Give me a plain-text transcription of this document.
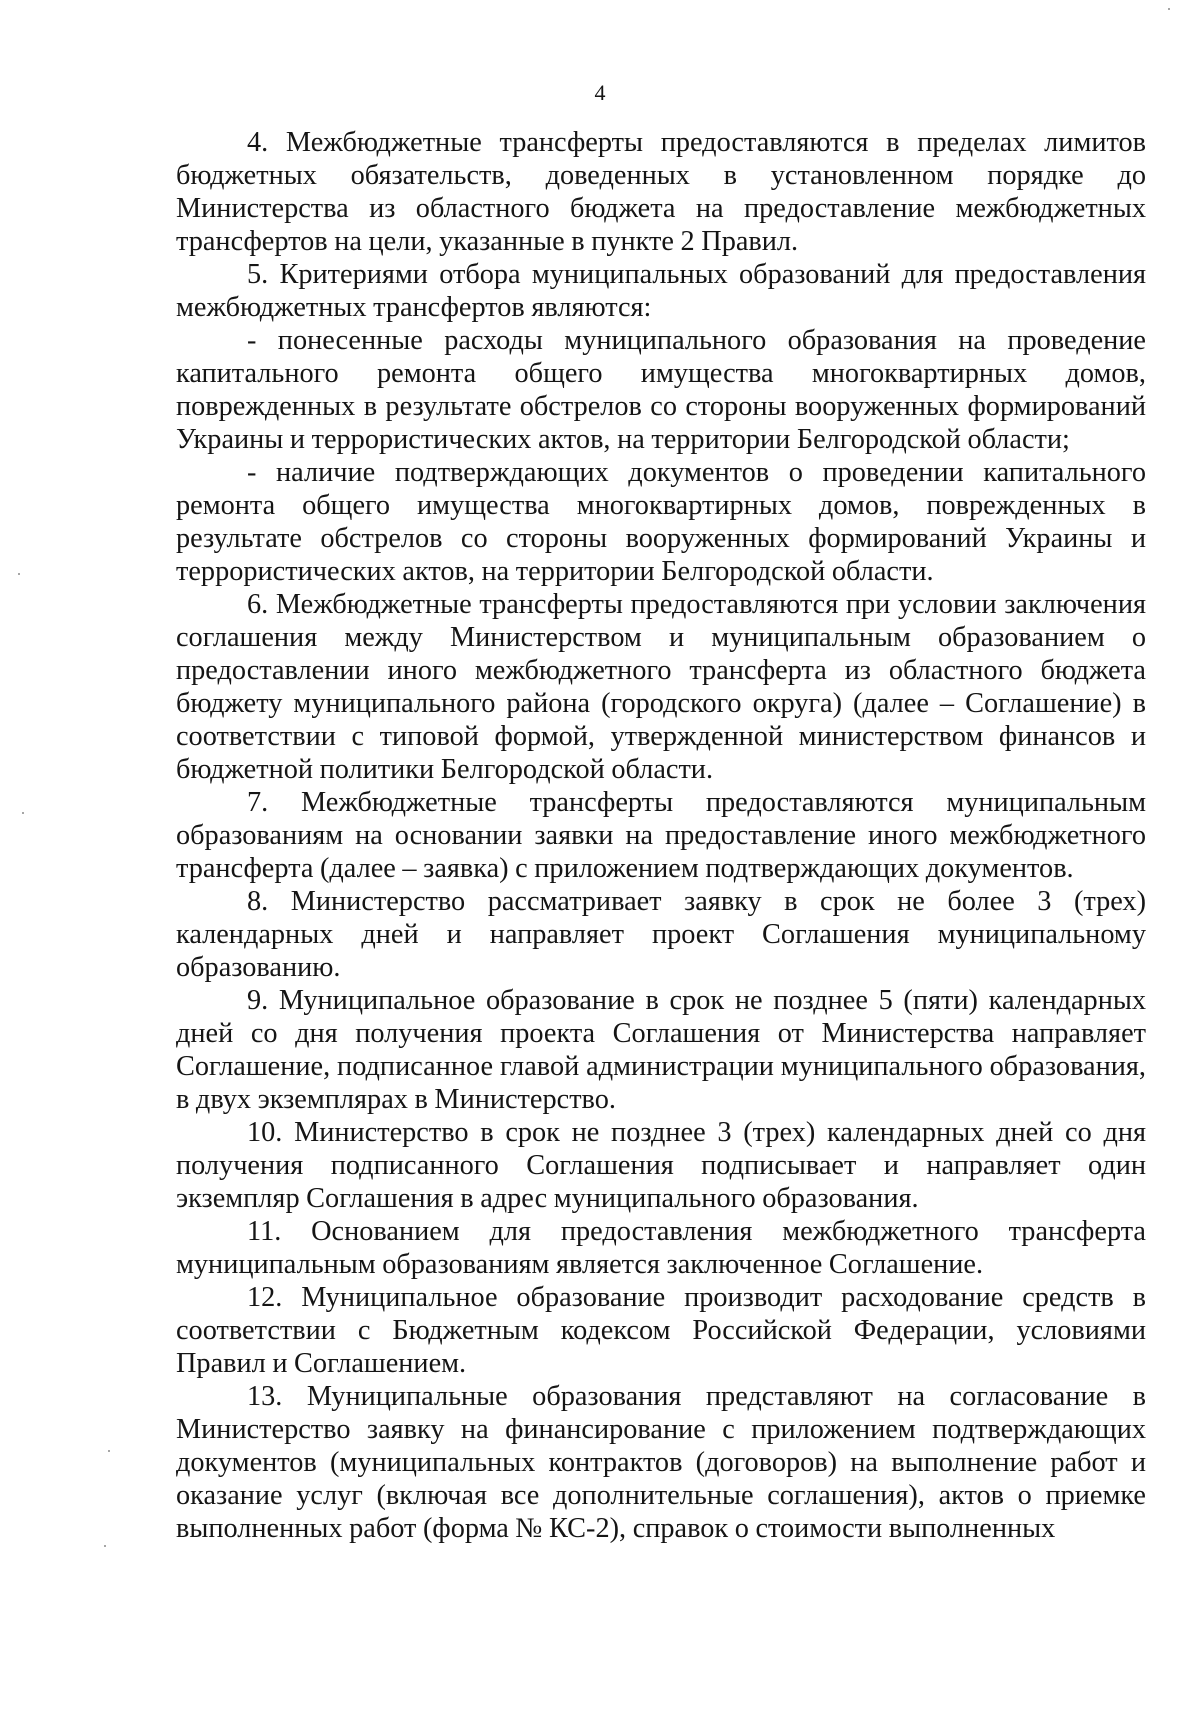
4

4. Межбюджетные трансферты предоставляются в пределах лимитов бюджетных обязательств, доведенных в установленном порядке до Министерства из областного бюджета на предоставление межбюджетных трансфертов на цели, указанные в пункте 2 Правил.

5. Критериями отбора муниципальных образований для предоставления межбюджетных трансфертов являются:

- понесенные расходы муниципального образования на проведение капитального ремонта общего имущества многоквартирных домов, поврежденных в результате обстрелов со стороны вооруженных формирований Украины и террористических актов, на территории Белгородской области;

- наличие подтверждающих документов о проведении капитального ремонта общего имущества многоквартирных домов, поврежденных в результате обстрелов со стороны вооруженных формирований Украины и террористических актов, на территории Белгородской области.

6. Межбюджетные трансферты предоставляются при условии заключения соглашения между Министерством и муниципальным образованием о предоставлении иного межбюджетного трансферта из областного бюджета бюджету муниципального района (городского округа) (далее – Соглашение) в соответствии с типовой формой, утвержденной министерством финансов и бюджетной политики Белгородской области.

7. Межбюджетные трансферты предоставляются муниципальным образованиям на основании заявки на предоставление иного межбюджетного трансферта (далее – заявка) с приложением подтверждающих документов.

8. Министерство рассматривает заявку в срок не более 3 (трех) календарных дней и направляет проект Соглашения муниципальному образованию.

9. Муниципальное образование в срок не позднее 5 (пяти) календарных дней со дня получения проекта Соглашения от Министерства направляет Соглашение, подписанное главой администрации муниципального образования, в двух экземплярах в Министерство.

10. Министерство в срок не позднее 3 (трех) календарных дней со дня получения подписанного Соглашения подписывает и направляет один экземпляр Соглашения в адрес муниципального образования.

11. Основанием для предоставления межбюджетного трансферта муниципальным образованиям является заключенное Соглашение.

12. Муниципальное образование производит расходование средств в соответствии с Бюджетным кодексом Российской Федерации, условиями Правил и Соглашением.

13. Муниципальные образования представляют на согласование в Министерство заявку на финансирование с приложением подтверждающих документов (муниципальных контрактов (договоров) на выполнение работ и оказание услуг (включая все дополнительные соглашения), актов о приемке выполненных работ (форма № КС-2), справок о стоимости выполненных
